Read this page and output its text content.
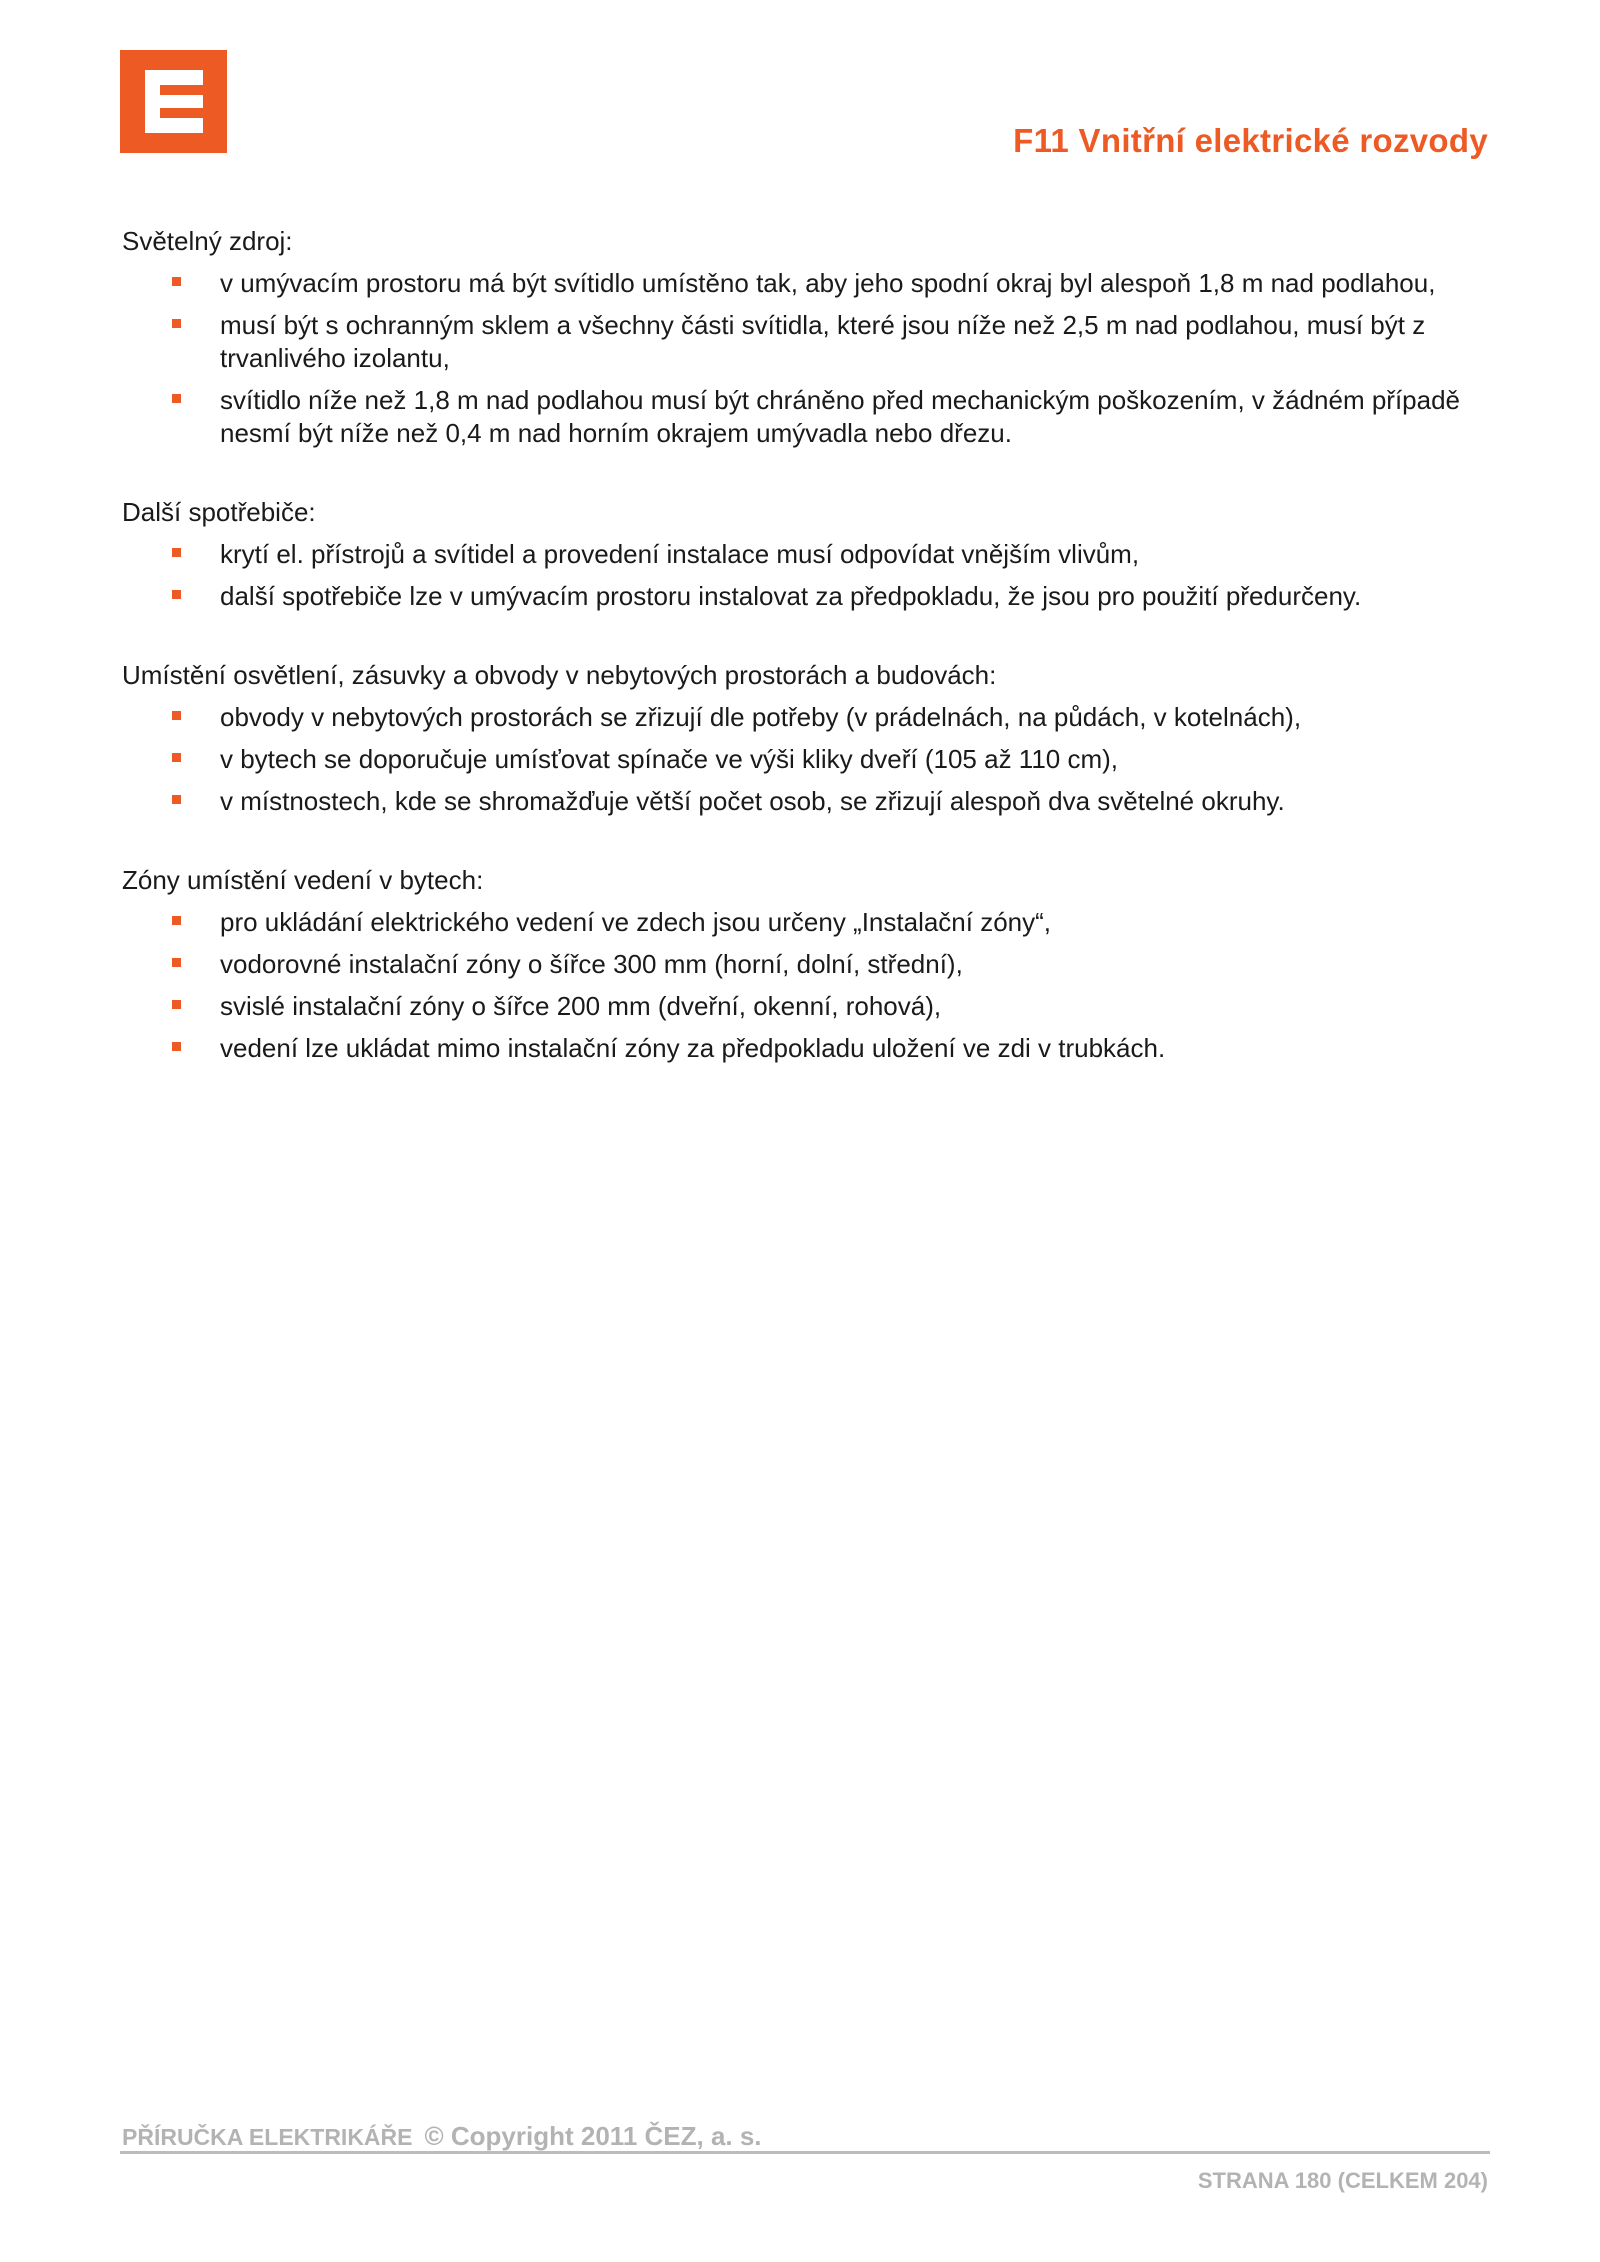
F11 Vnitřní elektrické rozvody
Světelný zdroj:
v umývacím prostoru má být svítidlo umístěno tak, aby jeho spodní okraj byl alespoň 1,8 m nad podlahou,
musí být s ochranným sklem a všechny části svítidla, které jsou níže než 2,5 m nad podlahou, musí být z trvanlivého izolantu,
svítidlo níže než 1,8 m nad podlahou musí být chráněno před mechanickým poškozením, v žádném případě nesmí být níže než 0,4 m nad horním okrajem umývadla nebo dřezu.
Další spotřebiče:
krytí el. přístrojů a svítidel a provedení instalace musí odpovídat vnějším vlivům,
další spotřebiče lze v umývacím prostoru instalovat za předpokladu, že jsou pro použití předurčeny.
Umístění osvětlení, zásuvky a obvody v nebytových prostorách a budovách:
obvody v nebytových prostorách se zřizují dle potřeby (v prádelnách, na půdách, v kotelnách),
v bytech se doporučuje umísťovat spínače ve výši kliky dveří (105 až 110 cm),
v místnostech, kde se shromažďuje větší počet osob, se zřizují alespoň dva světelné okruhy.
Zóny umístění vedení v bytech:
pro ukládání elektrického vedení ve zdech jsou určeny „Instalační zóny“,
vodorovné instalační zóny o šířce 300 mm (horní, dolní, střední),
svislé instalační zóny o šířce 200 mm (dveřní, okenní, rohová),
vedení lze ukládat mimo instalační zóny za předpokladu uložení ve zdi v trubkách.
PŘÍRUČKA ELEKTRIKÁŘE © Copyright 2011 ČEZ, a. s.
STRANA 180 (CELKEM 204)
